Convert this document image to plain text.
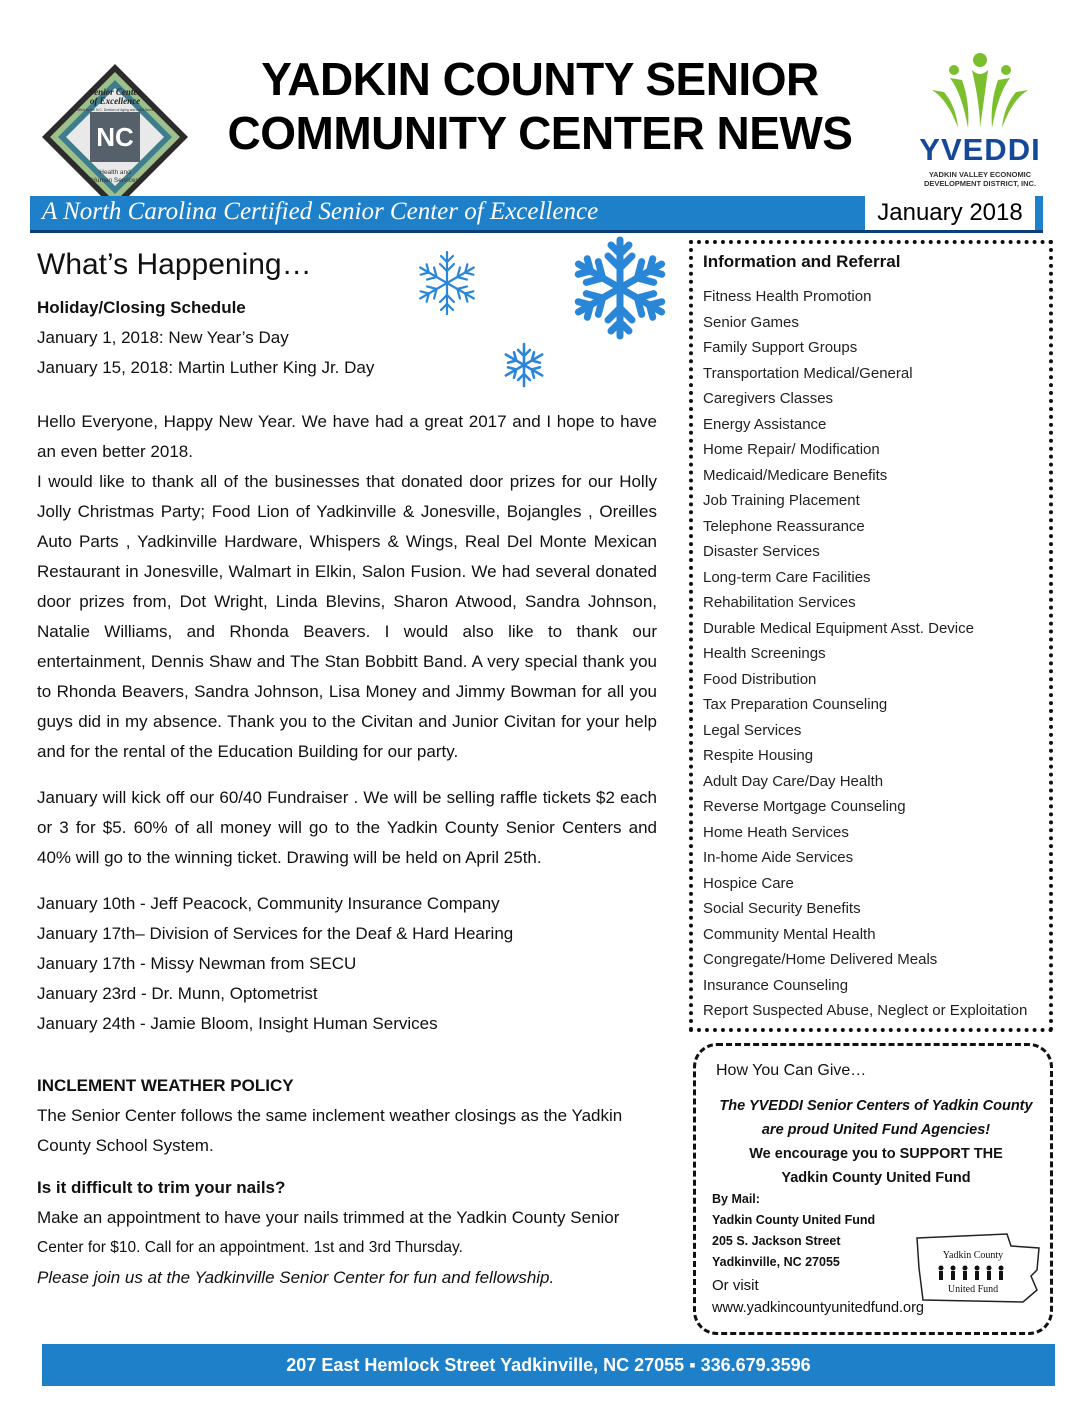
NC
Senior Center
of Excellence
Health and
Human Services
Certified by the N.C. Division of Aging and Adult Services
YADKIN COUNTY SENIOR
COMMUNITY CENTER NEWS	YVEDDI
YADKIN VALLEY ECONOMIC
DEVELOPMENT DISTRICT, INC.
A North Carolina Certified Senior Center of Excellence	January 2018
What’s Happening…

Holiday/Closing Schedule

January 1, 2018: New Year’s Day

January 15, 2018: Martin Luther King Jr. Day

Hello Everyone, Happy New Year. We have had a great 2017 and I hope to have an even better 2018.

I would like to thank all of the businesses that donated door prizes for our Holly Jolly Christmas Party; Food Lion of Yadkinville & Jonesville, Bojangles , Oreilles Auto Parts , Yadkinville Hardware, Whispers & Wings, Real Del Monte Mexican Restaurant in Jonesville, Walmart in Elkin, Salon Fusion. We had several donated door prizes from, Dot Wright, Linda Blevins, Sharon Atwood, Sandra Johnson, Natalie Williams, and Rhonda Beavers. I would also like to thank our entertainment, Dennis Shaw and The Stan Bobbitt Band. A very special thank you to Rhonda Beavers, Sandra Johnson, Lisa Money and Jimmy Bowman for all you guys did in my absence. Thank you to the Civitan and Junior Civitan for your help and for the rental of the Education Building for our party.

January will kick off our 60/40 Fundraiser . We will be selling raffle tickets $2 each or 3 for $5. 60% of all money will go to the Yadkin County Senior Centers and 40% will go to the winning ticket. Drawing will be held on April 25th.

January 10th - Jeff Peacock, Community Insurance Company

January 17th– Division of Services for the Deaf & Hard Hearing

January 17th - Missy Newman from SECU

January 23rd - Dr. Munn, Optometrist

January 24th - Jamie Bloom, Insight Human Services

INCLEMENT WEATHER POLICY

The Senior Center follows the same inclement weather closings as the Yadkin County School System.

Is it difficult to trim your nails?

Make an appointment to have your nails trimmed at the Yadkin County Senior

Center for $10. Call for an appointment. 1st and 3rd Thursday.

Please join us at the Yadkinville Senior Center for fun and fellowship.

Information and Referral
Fitness Health Promotion
Senior Games
Family Support Groups
Transportation Medical/General
Caregivers Classes
Energy Assistance
Home Repair/ Modification
Medicaid/Medicare Benefits
Job Training Placement
Telephone Reassurance
Disaster Services
Long-term Care Facilities
Rehabilitation Services
Durable Medical Equipment Asst. Device
Health Screenings
Food Distribution
Tax Preparation Counseling
Legal Services
Respite Housing
Adult Day Care/Day Health
Reverse Mortgage Counseling
Home Heath Services
In-home Aide Services
Hospice Care
Social Security Benefits
Community Mental Health
Congregate/Home Delivered Meals
Insurance Counseling
Report Suspected Abuse, Neglect or Exploitation
How You Can Give…
The YVEDDI Senior Centers of Yadkin County
are proud United Fund Agencies!
We encourage you to SUPPORT THE
Yadkin County United Fund
By Mail:
Yadkin County United Fund
205 S. Jackson Street
Yadkinville, NC 27055
Or visit
www.yadkincountyunitedfund.org
Yadkin County
United Fund
207 East Hemlock Street Yadkinville, NC 27055 ▪ 336.679.3596
